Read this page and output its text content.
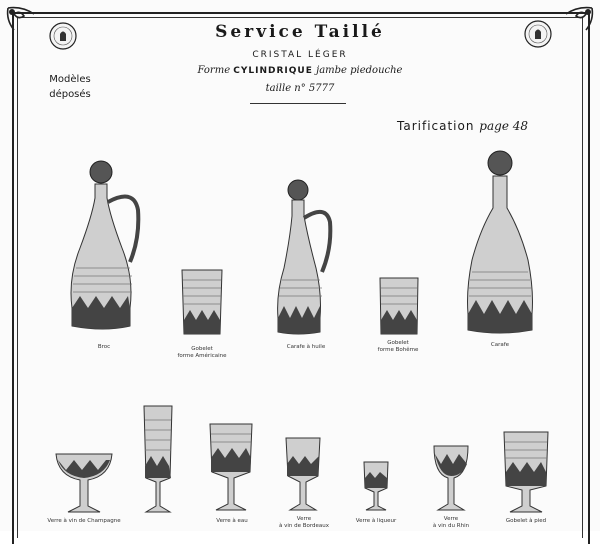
Service Taillé
CRISTAL LÉGER
Forme CYLINDRIQUE jambe piedouche
taille n° 5777
Modèles
déposés
Tarification page 48
Broc	Gobelet
forme Américaine
Carafe à huile
Gobelet
forme Bohême
Carafe
Verre à vin de Champagne	Verre à eau	Verre
à vin de Bordeaux
Verre à liqueur	Verre
à vin du Rhin
Gobelet à pied
